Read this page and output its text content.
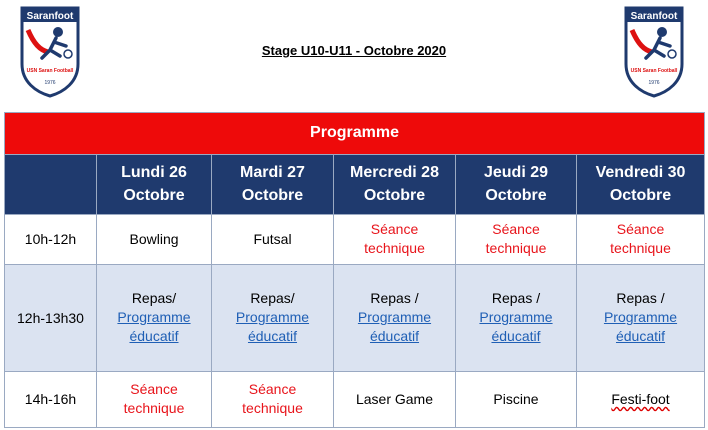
Saranfoot
USN Saran Football
1976
Saranfoot
USN Saran Football
1976
Stage U10-U11 - Octobre 2020
Programme					
	Lundi 26
Octobre	Mardi 27
Octobre	Mercredi 28
Octobre	Jeudi 29
Octobre	Vendredi 30
Octobre
10h-12h	Bowling	Futsal	Séance
technique	Séance
technique	Séance
technique
12h-13h30	Repas/
Programme
éducatif	Repas/
Programme
éducatif	Repas /
Programme
éducatif	Repas /
Programme
éducatif	Repas /
Programme
éducatif
14h-16h	Séance
technique	Séance
technique	Laser Game	Piscine	Festi-foot
